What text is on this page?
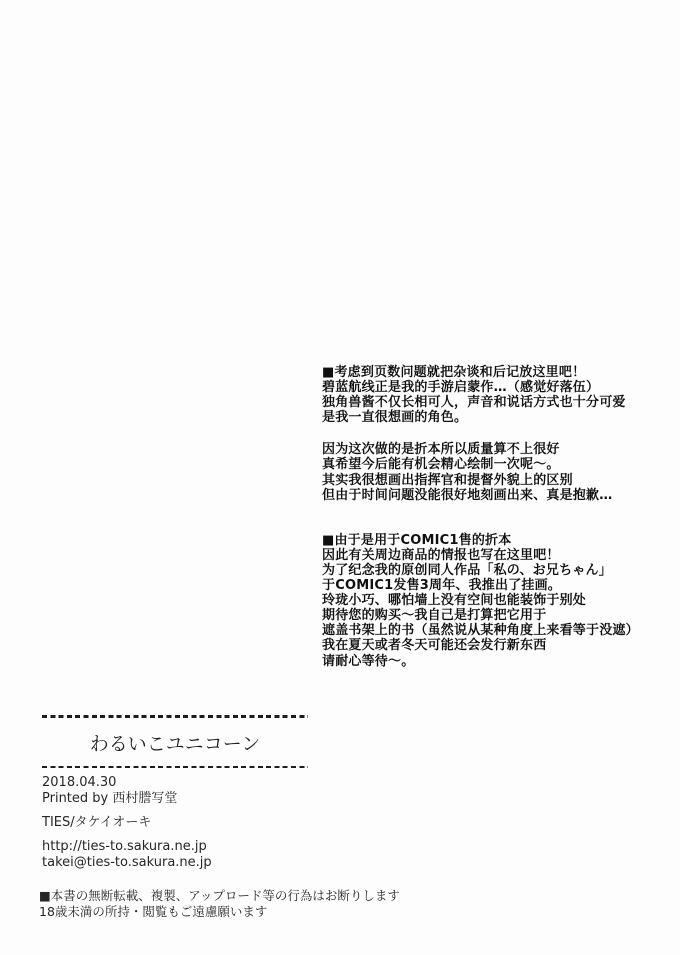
■考虑到页数问题就把杂谈和后记放这里吧！
碧蓝航线正是我的手游启蒙作…（感觉好落伍）
独角兽酱不仅长相可人，声音和说话方式也十分可爱
是我一直很想画的角色。
因为这次做的是折本所以质量算不上很好
真希望今后能有机会精心绘制一次呢〜。
其实我很想画出指挥官和提督外貌上的区别
但由于时间问题没能很好地刻画出来、真是抱歉…
■由于是用于COMIC1售的折本
因此有关周边商品的情报也写在这里吧！
为了纪念我的原创同人作品「私の、お兄ちゃん」
于COMIC1发售3周年、我推出了挂画。
玲珑小巧、哪怕墙上没有空间也能装饰于别处
期待您的购买〜我自己是打算把它用于
遮盖书架上的书（虽然说从某种角度上来看等于没遮）
我在夏天或者冬天可能还会发行新东西
请耐心等待〜。
わるいこユニコーン
2018.04.30
Printed by 西村謄写堂
TIES/タケイオーキ
http://ties-to.sakura.ne.jp
takei@ties-to.sakura.ne.jp
■本書の無断転載、複製、アップロード等の行為はお断りします
18歳未満の所持・閲覧もご遠慮願います
